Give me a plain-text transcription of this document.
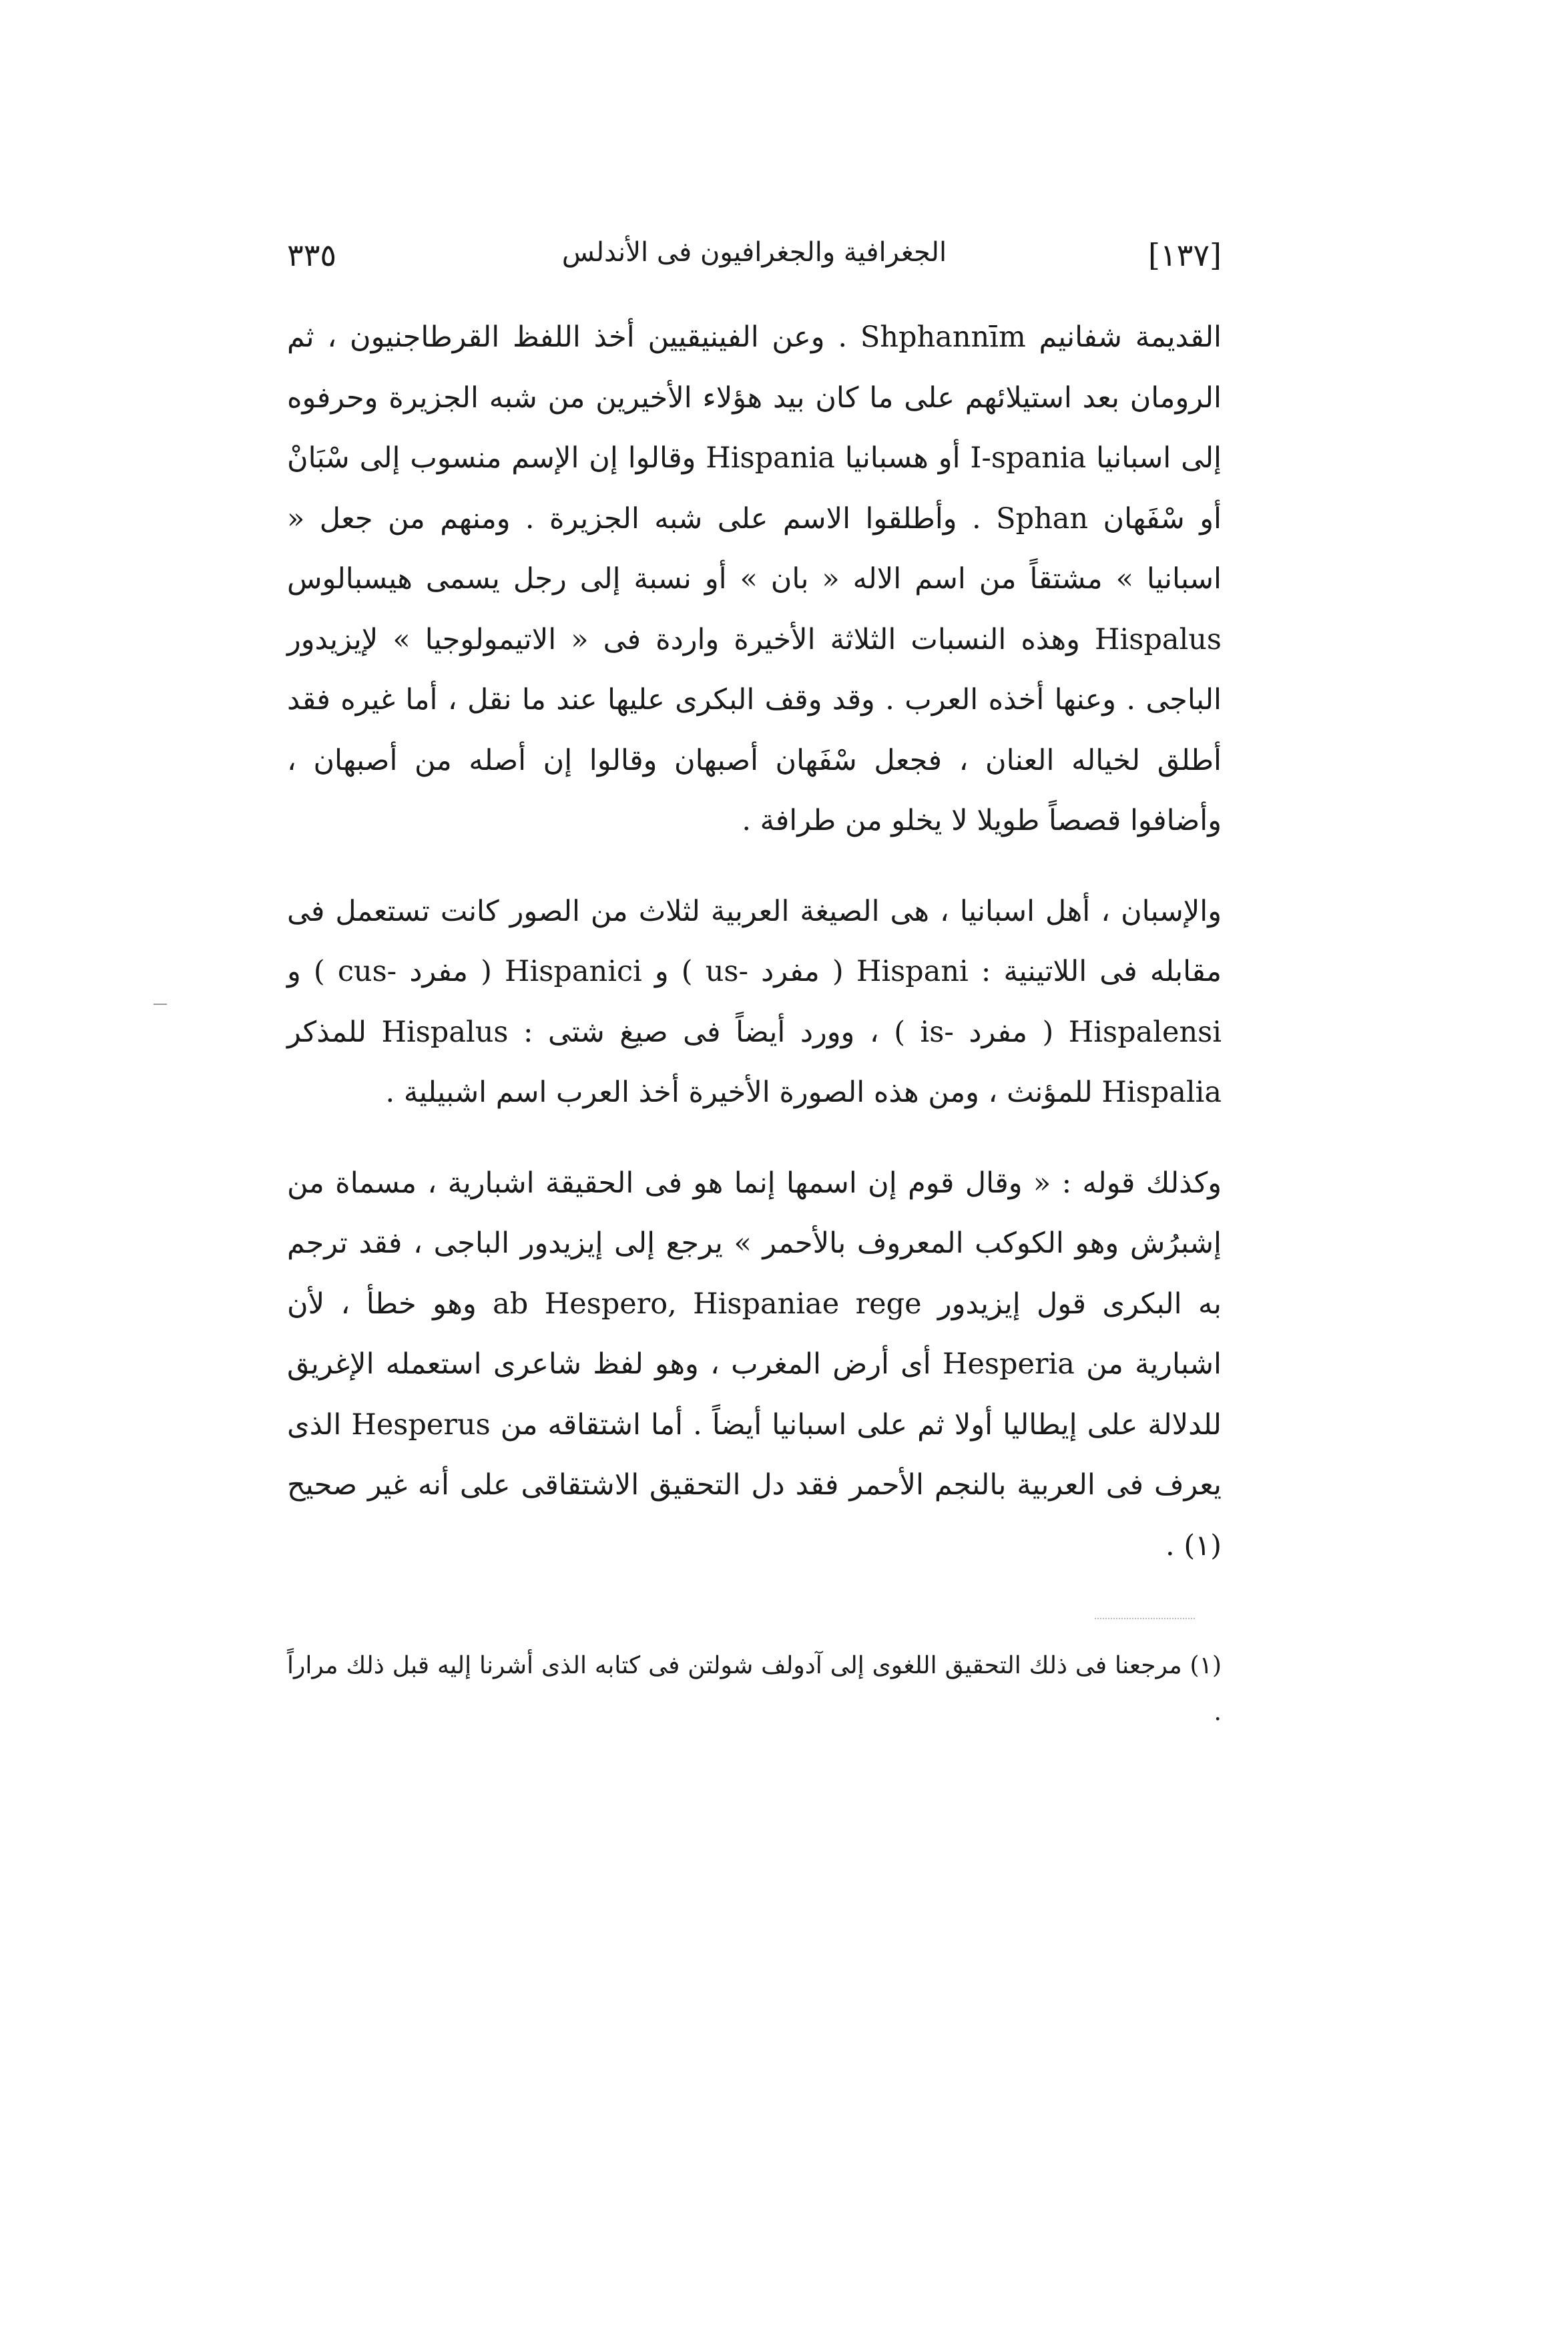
[١٣٧]
الجغرافية والجغرافيون فى الأندلس
٣٣٥

القديمة شفانيم Shphannīm . وعن الفينيقيين أخذ اللفظ القرطاجنيون ، ثم الرومان بعد استيلائهم على ما كان بيد هؤلاء الأخيرين من شبه الجزيرة وحرفوه إلى اسبانيا I-spania أو هسبانيا Hispania وقالوا إن الإسم منسوب إلى سْبَانْ أو سْفَهان Sphan . وأطلقوا الاسم على شبه الجزيرة . ومنهم من جعل « اسبانيا » مشتقاً من اسم الاله « بان » أو نسبة إلى رجل يسمى هيسبالوس Hispalus وهذه النسبات الثلاثة الأخيرة واردة فى « الاتيمولوجيا » لإيزيدور الباجى . وعنها أخذه العرب . وقد وقف البكرى عليها عند ما نقل ، أما غيره فقد أطلق لخياله العنان ، فجعل سْفَهان أصبهان وقالوا إن أصله من أصبهان ، وأضافوا قصصاً طويلا لا يخلو من طرافة .

والإسبان ، أهل اسبانيا ، هى الصيغة العربية لثلاث من الصور كانت تستعمل فى مقابله فى اللاتينية : Hispani ( مفرد -us ) و Hispanici ( مفرد -cus ) و Hispalensi ( مفرد -is ) ، وورد أيضاً فى صيغ شتى : Hispalus للمذكر Hispalia للمؤنث ، ومن هذه الصورة الأخيرة أخذ العرب اسم اشبيلية .

وكذلك قوله : « وقال قوم إن اسمها إنما هو فى الحقيقة اشبارية ، مسماة من إشبرُش وهو الكوكب المعروف بالأحمر » يرجع إلى إيزيدور الباجى ، فقد ترجم به البكرى قول إيزيدور ab Hespero, Hispaniae rege وهو خطأ ، لأن اشبارية من Hesperia أى أرض المغرب ، وهو لفظ شاعرى استعمله الإغريق للدلالة على إيطاليا أولا ثم على اسبانيا أيضاً . أما اشتقاقه من Hesperus الذى يعرف فى العربية بالنجم الأحمر فقد دل التحقيق الاشتقاقى على أنه غير صحيح (١) .

(١) مرجعنا فى ذلك التحقيق اللغوى إلى آدولف شولتن فى كتابه الذى أشرنا إليه قبل ذلك مراراً .
